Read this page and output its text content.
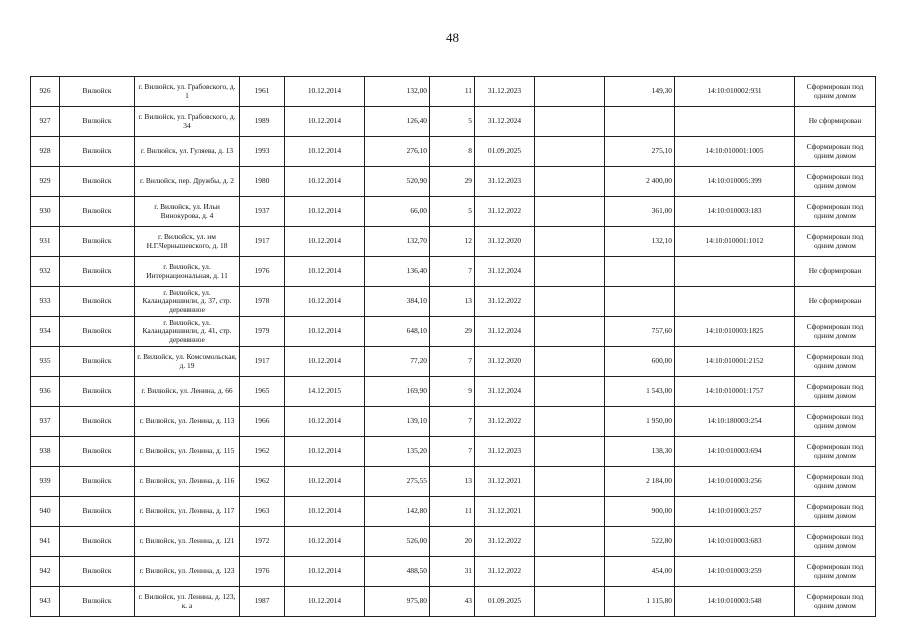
48
926	Вилюйск	г. Вилюйск, ул. Грабовского, д. 1	1961	10.12.2014	132,00	11	31.12.2023		149,30	14:10:010002:931	Сформирован под одним домом
927	Вилюйск	г. Вилюйск, ул. Грабовского, д. 34	1989	10.12.2014	126,40	5	31.12.2024				Не сформирован
928	Вилюйск	г. Вилюйск, ул. Гуляева, д. 13	1993	10.12.2014	276,10	8	01.09.2025		275,10	14:10:010001:1005	Сформирован под одним домом
929	Вилюйск	г. Вилюйск, пер. Дружбы, д. 2	1980	10.12.2014	520,90	29	31.12.2023		2 400,00	14:10:010005:399	Сформирован под одним домом
930	Вилюйск	г. Вилюйск, ул. Ильи Винокурова, д. 4	1937	10.12.2014	66,00	5	31.12.2022		361,00	14:10:010003:183	Сформирован под одним домом
931	Вилюйск	г. Вилюйск, ул. им Н.Г.Чернышевского, д. 18	1917	10.12.2014	132,70	12	31.12.2020		132,10	14:10:010001:1012	Сформирован под одним домом
932	Вилюйск	г. Вилюйск, ул. Интернациональная, д. 11	1976	10.12.2014	136,40	7	31.12.2024				Не сформирован
933	Вилюйск	г. Вилюйск, ул. Каландаришвили, д. 37, стр. деревянное	1978	10.12.2014	384,10	13	31.12.2022				Не сформирован
934	Вилюйск	г. Вилюйск, ул. Каландаришвили, д. 41, стр. деревянное	1979	10.12.2014	648,10	29	31.12.2024		757,60	14:10:010003:1825	Сформирован под одним домом
935	Вилюйск	г. Вилюйск, ул. Комсомольская, д. 19	1917	10.12.2014	77,20	7	31.12.2020		600,00	14:10:010001:2152	Сформирован под одним домом
936	Вилюйск	г. Вилюйск, ул. Ленина, д. 66	1965	14.12.2015	169,90	9	31.12.2024		1 543,00	14:10:010001:1757	Сформирован под одним домом
937	Вилюйск	г. Вилюйск, ул. Ленина, д. 113	1966	10.12.2014	139,10	7	31.12.2022		1 950,00	14:10:180003:254	Сформирован под одним домом
938	Вилюйск	г. Вилюйск, ул. Ленина, д. 115	1962	10.12.2014	135,20	7	31.12.2023		138,30	14:10:010003:694	Сформирован под одним домом
939	Вилюйск	г. Вилюйск, ул. Ленина, д. 116	1962	10.12.2014	275,55	13	31.12.2021		2 184,00	14:10:010003:256	Сформирован под одним домом
940	Вилюйск	г. Вилюйск, ул. Ленина, д. 117	1963	10.12.2014	142,80	11	31.12.2021		900,00	14:10:010003:257	Сформирован под одним домом
941	Вилюйск	г. Вилюйск, ул. Ленина, д. 121	1972	10.12.2014	526,00	20	31.12.2022		522,80	14:10:010003:683	Сформирован под одним домом
942	Вилюйск	г. Вилюйск, ул. Ленина, д. 123	1976	10.12.2014	488,50	31	31.12.2022		454,00	14:10:010003:259	Сформирован под одним домом
943	Вилюйск	г. Вилюйск, ул. Ленина, д. 123, к. а	1987	10.12.2014	975,80	43	01.09.2025		1 115,80	14:10:010003:548	Сформирован под одним домом
